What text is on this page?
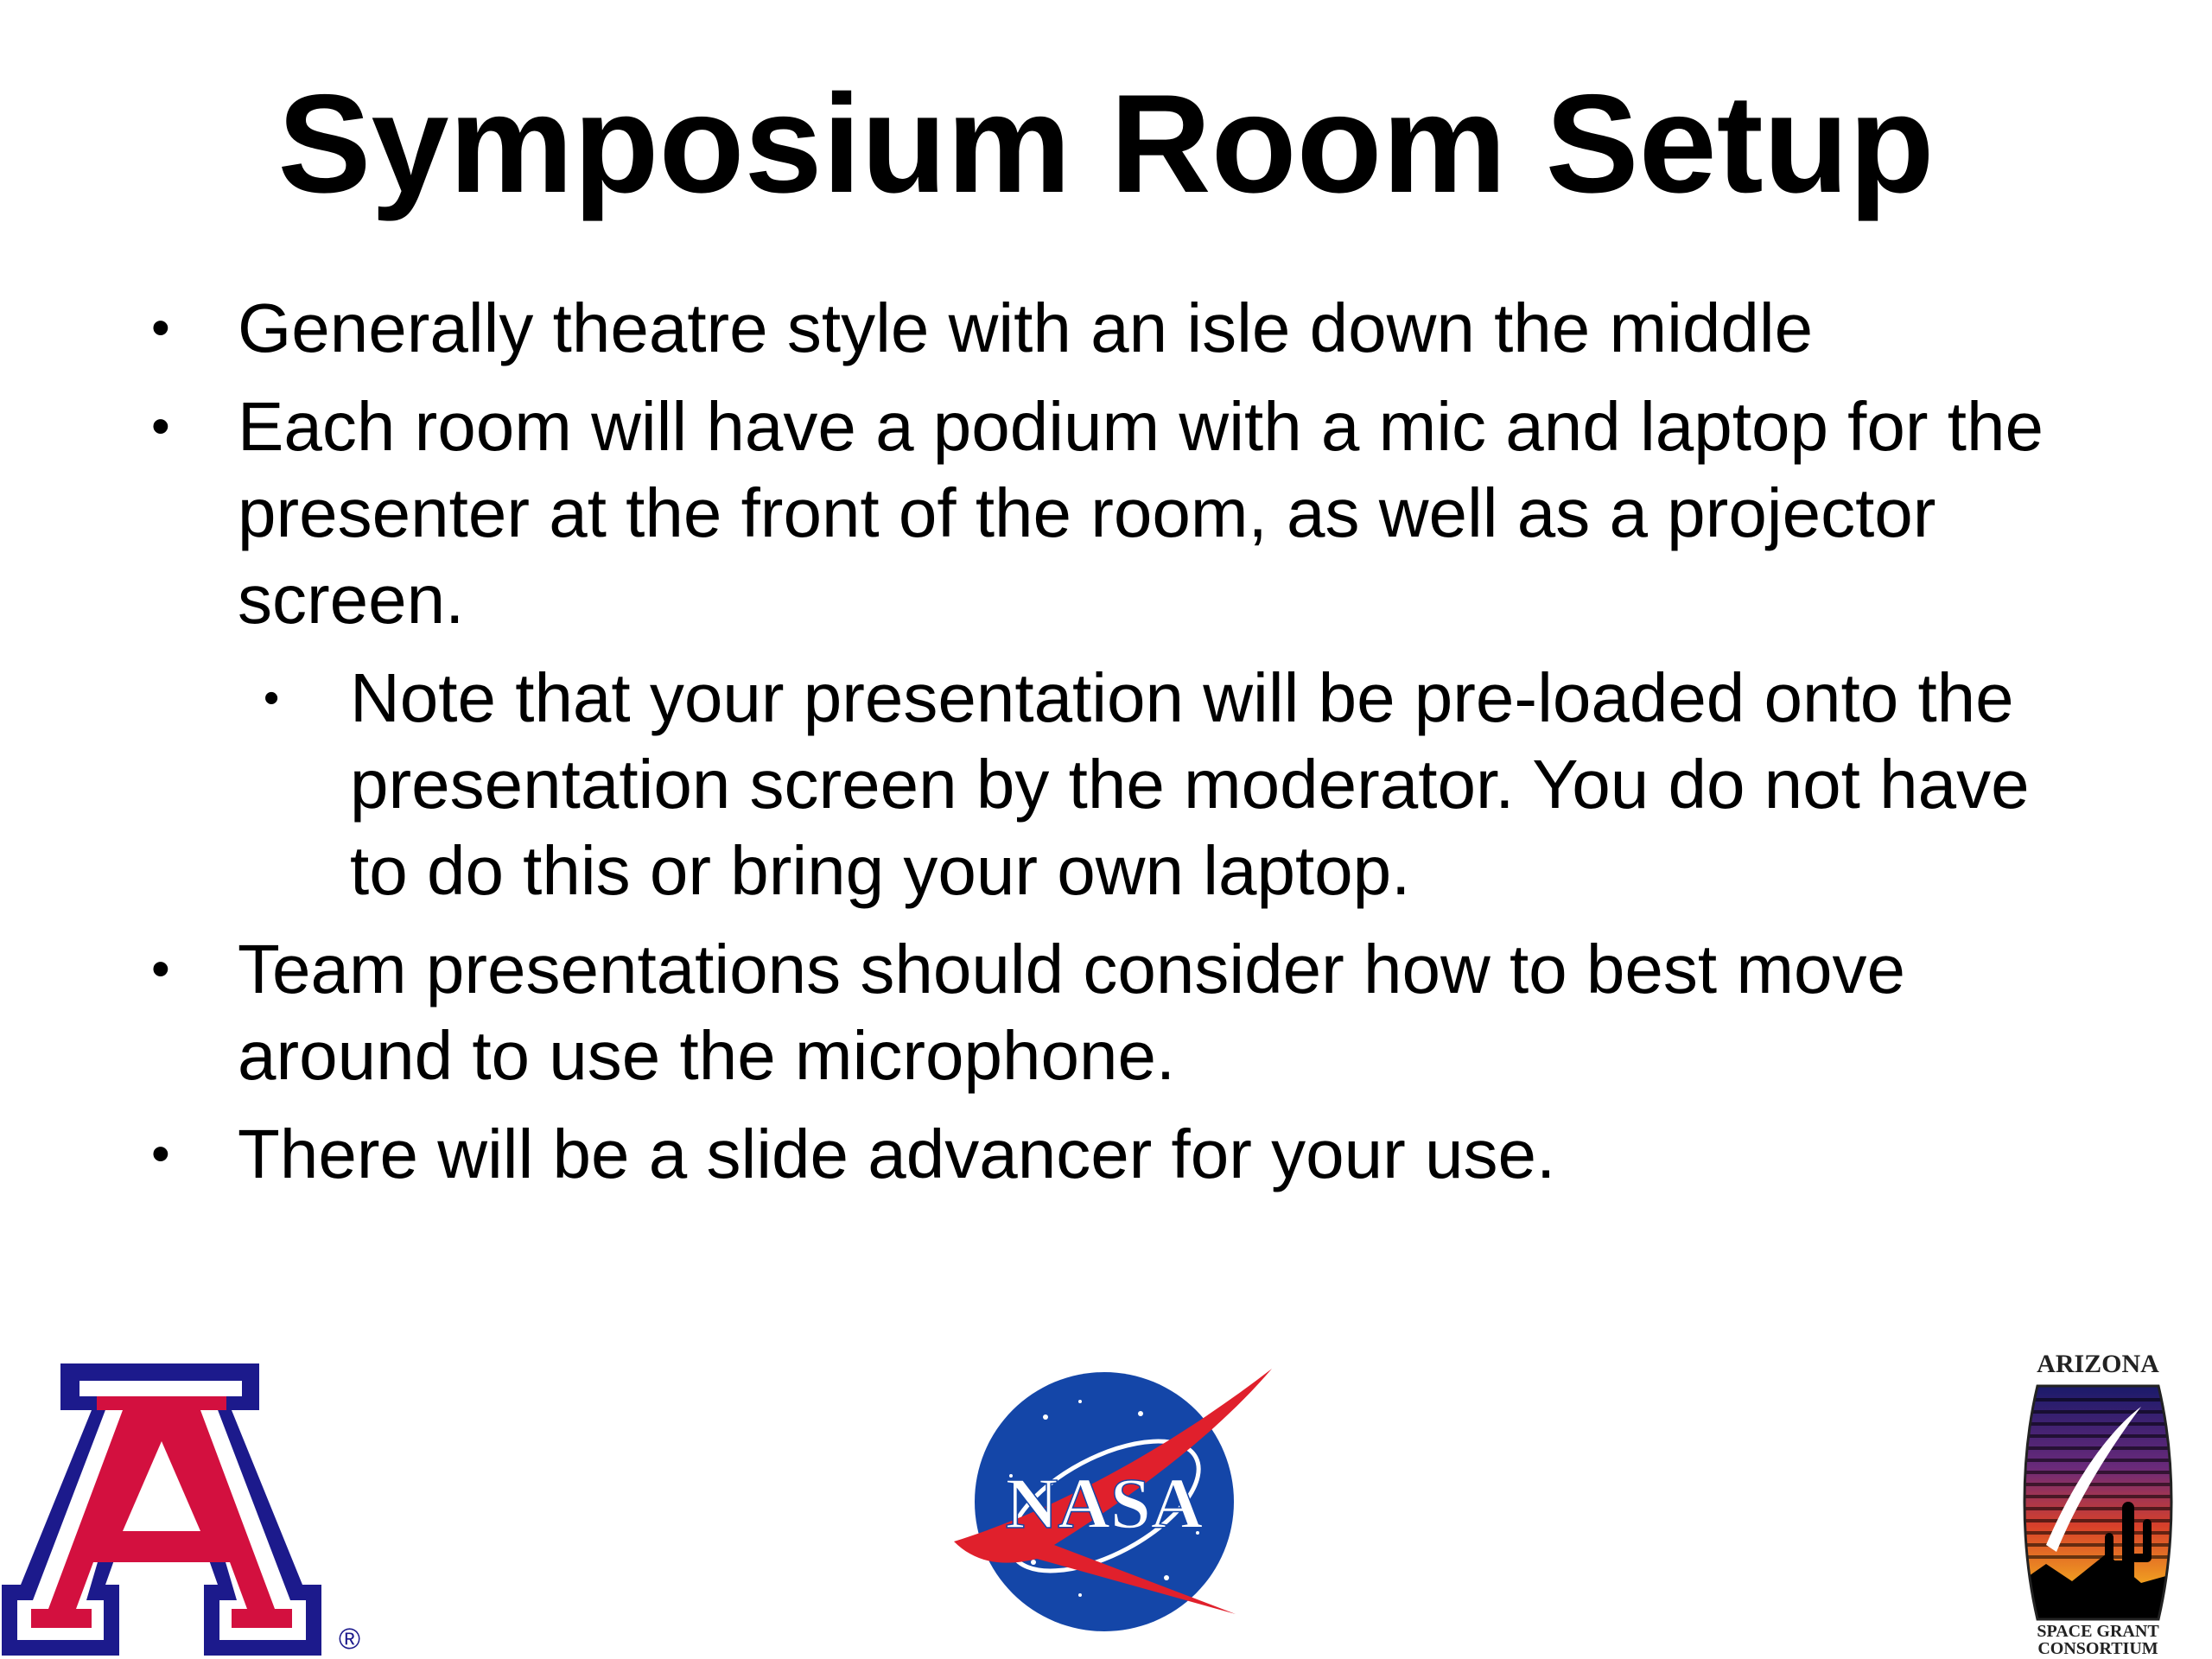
Symposium Room Setup
• Generally theatre style with an isle down the middle
• Each room will have a podium with a mic and laptop for the presenter at the front of the room, as well as a projector screen.
• Note that your presentation will be pre-loaded onto the presentation screen by the moderator. You do not have to do this or bring your own laptop.
• Team presentations should consider how to best move around to use the microphone.
• There will be a slide advancer for your use.
®
NASA
ARIZONA
SPACE GRANT
CONSORTIUM
